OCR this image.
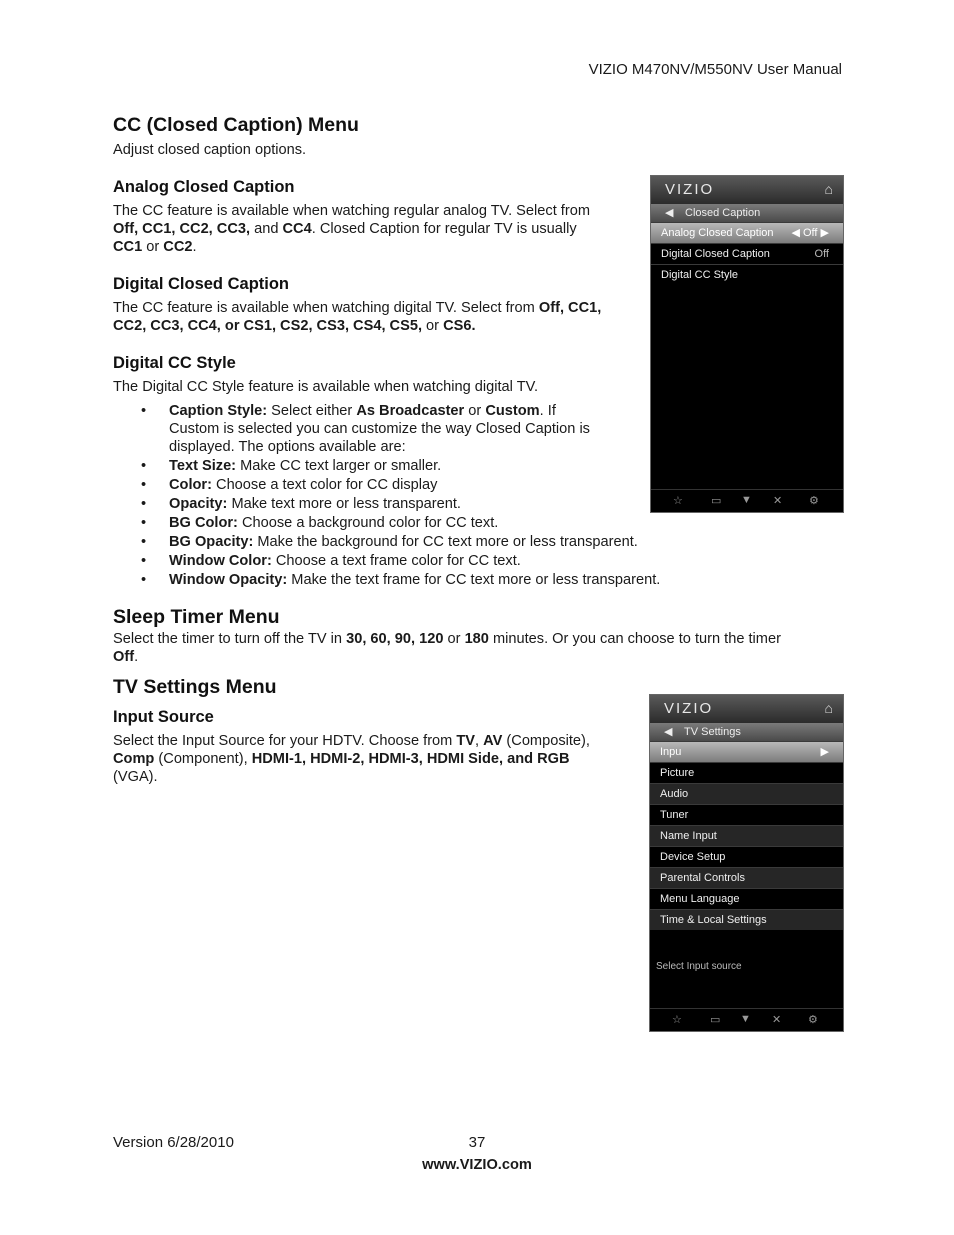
VIZIO M470NV/M550NV User Manual
CC (Closed Caption) Menu
Adjust closed caption options.
Analog Closed Caption
The CC feature is available when watching regular analog TV. Select from
Off, CC1, CC2, CC3, and CC4. Closed Caption for regular TV is usually
CC1 or CC2.
Digital Closed Caption
The CC feature is available when watching digital TV. Select from Off, CC1,
CC2, CC3, CC4, or CS1, CS2, CS3, CS4, CS5, or CS6.
Digital CC Style
The Digital CC Style feature is available when watching digital TV.
• Caption Style: Select either As Broadcaster or Custom. If
Custom is selected you can customize the way Closed Caption is
displayed. The options available are:
• Text Size: Make CC text larger or smaller.
• Color: Choose a text color for CC display
• Opacity: Make text more or less transparent.
• BG Color: Choose a background color for CC text.
• BG Opacity: Make the background for CC text more or less transparent.
• Window Color: Choose a text frame color for CC text.
• Window Opacity: Make the text frame for CC text more or less transparent.
Sleep Timer Menu
Select the timer to turn off the TV in 30, 60, 90, 120 or 180 minutes. Or you can choose to turn the timer
Off.
TV Settings Menu
Input Source
Select the Input Source for your HDTV. Choose from TV, AV (Composite),
Comp (Component), HDMI-1, HDMI-2, HDMI-3, HDMI Side, and RGB
(VGA).
VIZIO	⌂
◀ Closed Caption
Analog Closed Caption ◀ Off ▶
Digital Closed Caption	Off
Digital CC Style
☆	▭ ▼ ✕ ⚙
VIZIO	⌂
◀ TV Settings
Inpu	▶
Picture
Audio
Tuner
Name Input
Device Setup
Parental Controls
Menu Language
Time & Local Settings
Select Input source
☆	▭ ▼ ✕ ⚙
Version 6/28/2010	37
www.VIZIO.com
